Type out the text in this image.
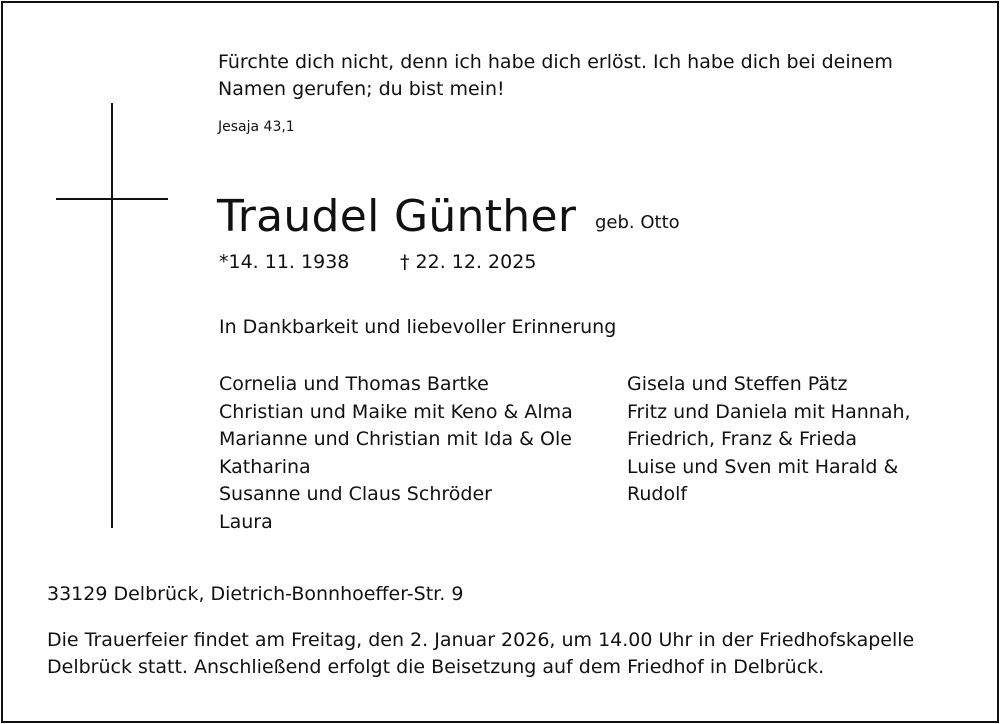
Fürchte dich nicht, denn ich habe dich erlöst. Ich habe dich bei deinem
Namen gerufen; du bist mein!
Jesaja 43,1
Traudel Günther geb. Otto
*14. 11. 1938	† 22. 12. 2025
In Dankbarkeit und liebevoller Erinnerung
Cornelia und Thomas Bartke
Christian und Maike mit Keno & Alma
Marianne und Christian mit Ida & Ole
Katharina
Susanne und Claus Schröder
Laura
Gisela und Steffen Pätz
Fritz und Daniela mit Hannah,
Friedrich, Franz & Frieda
Luise und Sven mit Harald &
Rudolf
33129 Delbrück, Dietrich-Bonnhoeffer-Str. 9
Die Trauerfeier findet am Freitag, den 2. Januar 2026, um 14.00 Uhr in der Friedhofskapelle
Delbrück statt. Anschließend erfolgt die Beisetzung auf dem Friedhof in Delbrück.
